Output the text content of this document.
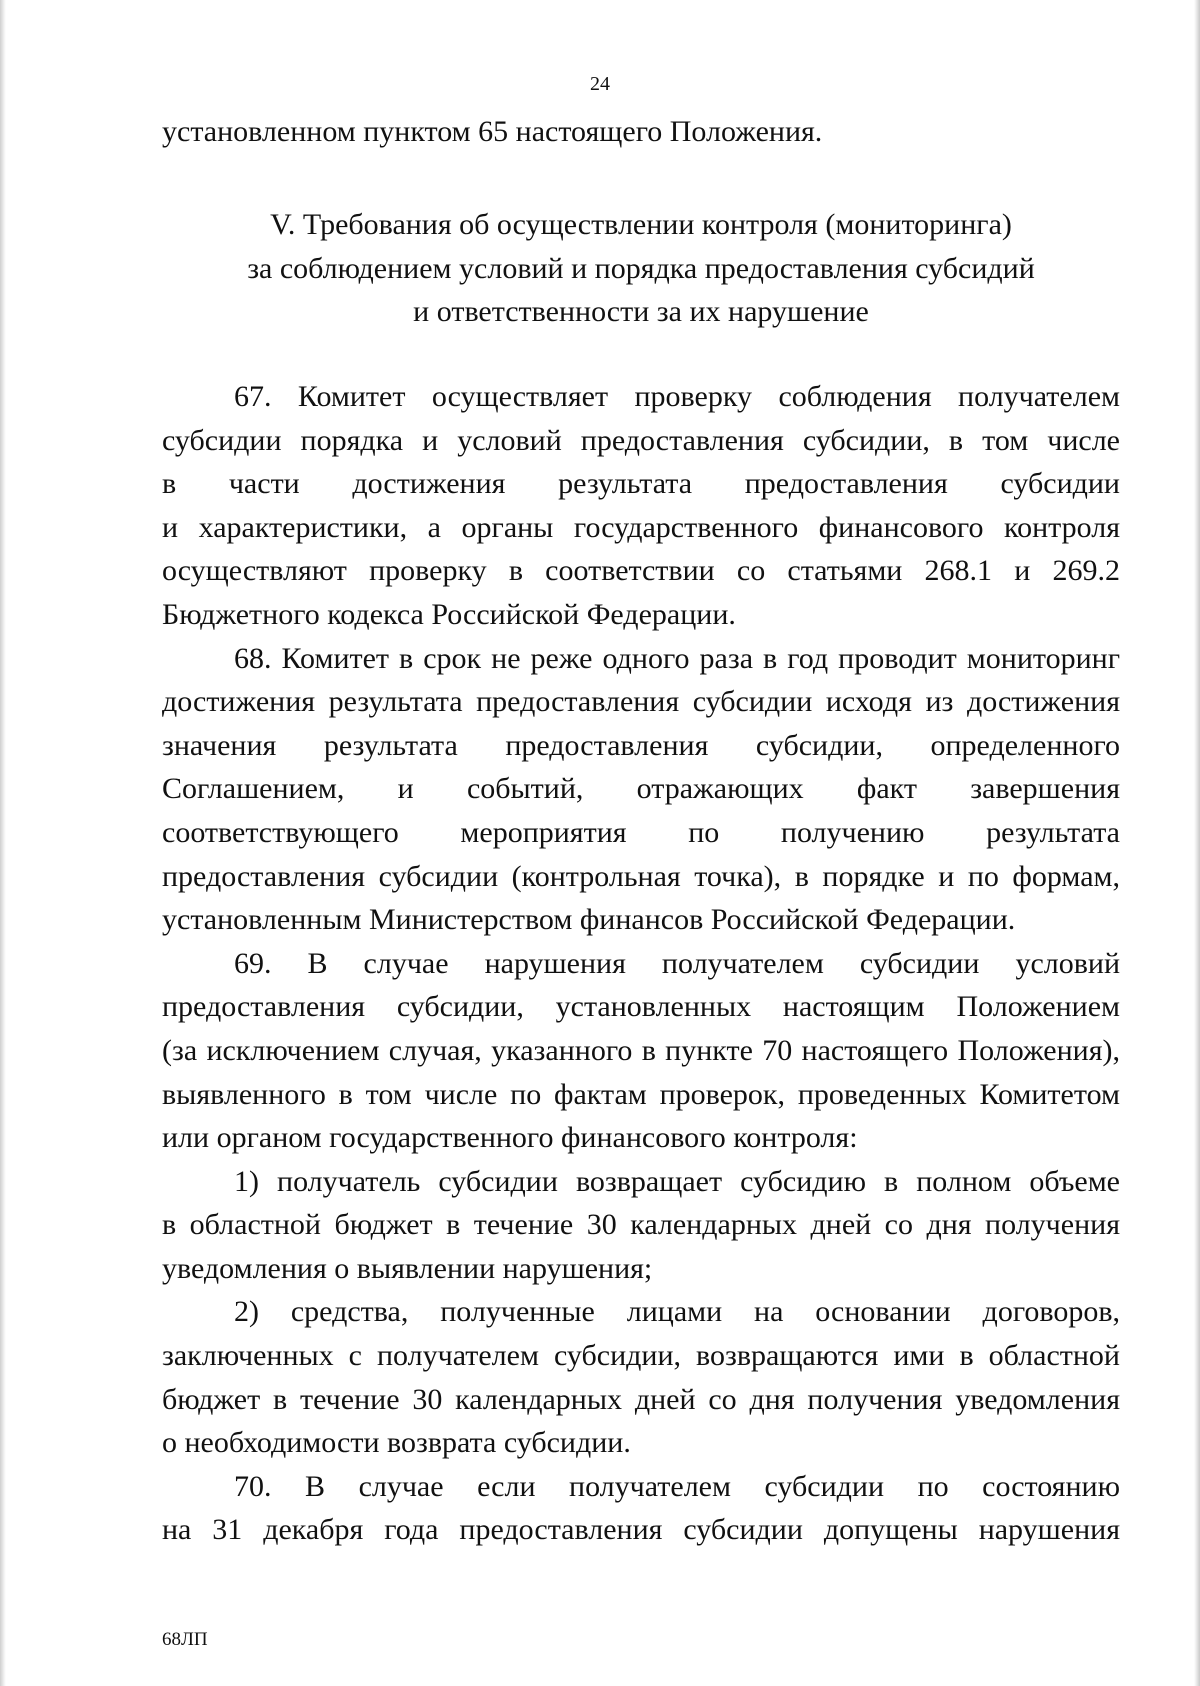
24
установленном пунктом 65 настоящего Положения.
V. Требования об осуществлении контроля (мониторинга)
за соблюдением условий и порядка предоставления субсидий
и ответственности за их нарушение
67. Комитет осуществляет проверку соблюдения получателем
субсидии порядка и условий предоставления субсидии, в том числе
в части достижения результата предоставления субсидии
и характеристики, а органы государственного финансового контроля
осуществляют проверку в соответствии со статьями 268.1 и 269.2
Бюджетного кодекса Российской Федерации.
68. Комитет в срок не реже одного раза в год проводит мониторинг
достижения результата предоставления субсидии исходя из достижения
значения результата предоставления субсидии, определенного
Соглашением, и событий, отражающих факт завершения
соответствующего мероприятия по получению результата
предоставления субсидии (контрольная точка), в порядке и по формам,
установленным Министерством финансов Российской Федерации.
69. В случае нарушения получателем субсидии условий
предоставления субсидии, установленных настоящим Положением
(за исключением случая, указанного в пункте 70 настоящего Положения),
выявленного в том числе по фактам проверок, проведенных Комитетом
или органом государственного финансового контроля:
1) получатель субсидии возвращает субсидию в полном объеме
в областной бюджет в течение 30 календарных дней со дня получения
уведомления о выявлении нарушения;
2) средства, полученные лицами на основании договоров,
заключенных с получателем субсидии, возвращаются ими в областной
бюджет в течение 30 календарных дней со дня получения уведомления
о необходимости возврата субсидии.
70. В случае если получателем субсидии по состоянию
на 31 декабря года предоставления субсидии допущены нарушения
68ЛП
